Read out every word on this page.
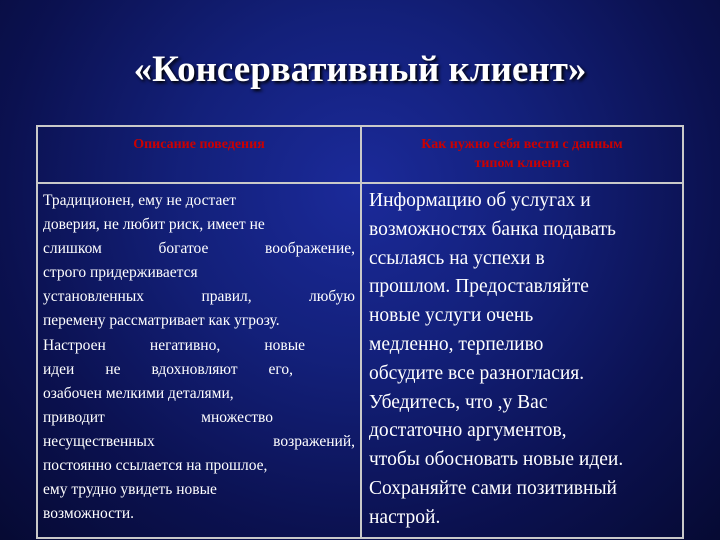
«Консервативный клиент»
Описание поведения	Как нужно себя вести с данным
типом клиента
Традиционен, ему не достает
доверия, не любит риск, имеет не
слишком богатое воображение,
строго придерживается
установленных правил, любую
перемену рассматривает как угрозу.
Настроен негативно, новые
идеи не вдохновляют его,
озабочен мелкими деталями,
приводит множество
несущественных возражений,
постоянно ссылается на прошлое,
ему трудно увидеть новые
возможности.
Информацию об услугах и
возможностях банка подавать
ссылаясь на успехи в
прошлом. Предоставляйте
новые услуги очень
медленно, терпеливо
обсудите все разногласия.
Убедитесь, что ,у Вас
достаточно аргументов,
чтобы обосновать новые идеи.
Сохраняйте сами позитивный
настрой.
